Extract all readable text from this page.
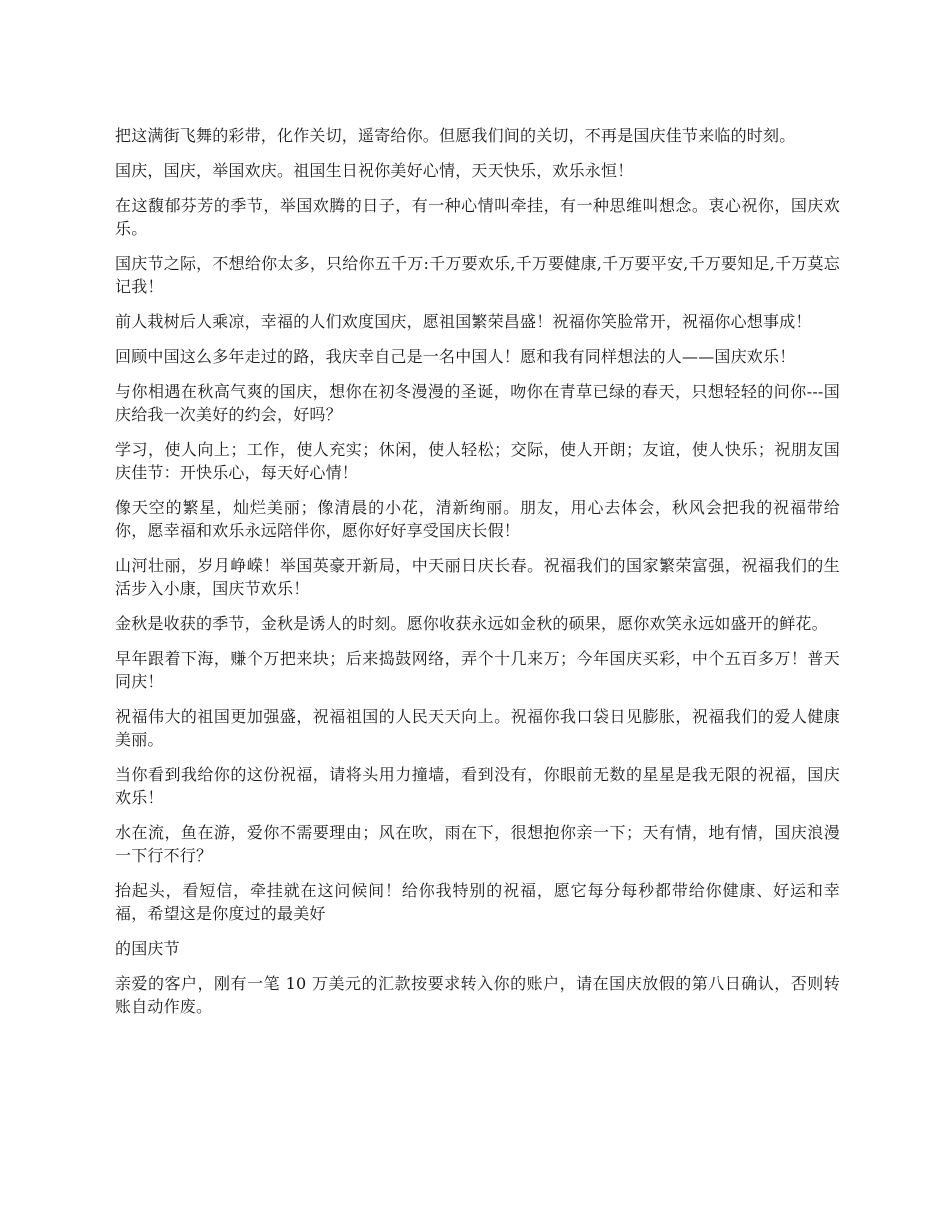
把这满街飞舞的彩带，化作关切，遥寄给你。但愿我们间的关切，不再是国庆佳节来临的时刻。

国庆，国庆，举国欢庆。祖国生日祝你美好心情，天天快乐，欢乐永恒！

在这馥郁芬芳的季节，举国欢腾的日子，有一种心情叫牵挂，有一种思维叫想念。衷心祝你，国庆欢乐。

国庆节之际，不想给你太多，只给你五千万:千万要欢乐,千万要健康,千万要平安,千万要知足,千万莫忘记我！

前人栽树后人乘凉，幸福的人们欢度国庆，愿祖国繁荣昌盛！祝福你笑脸常开，祝福你心想事成！

回顾中国这么多年走过的路，我庆幸自己是一名中国人！愿和我有同样想法的人——国庆欢乐！

与你相遇在秋高气爽的国庆，想你在初冬漫漫的圣诞，吻你在青草已绿的春天，只想轻轻的问你---国庆给我一次美好的约会，好吗？

学习，使人向上；工作，使人充实；休闲，使人轻松；交际，使人开朗；友谊，使人快乐；祝朋友国庆佳节：开快乐心，每天好心情！

像天空的繁星，灿烂美丽；像清晨的小花，清新绚丽。朋友，用心去体会，秋风会把我的祝福带给你，愿幸福和欢乐永远陪伴你，愿你好好享受国庆长假！

山河壮丽，岁月峥嵘！举国英豪开新局，中天丽日庆长春。祝福我们的国家繁荣富强，祝福我们的生活步入小康，国庆节欢乐！

金秋是收获的季节，金秋是诱人的时刻。愿你收获永远如金秋的硕果，愿你欢笑永远如盛开的鲜花。

早年跟着下海，赚个万把来块；后来捣鼓网络，弄个十几来万；今年国庆买彩，中个五百多万！普天同庆！

祝福伟大的祖国更加强盛，祝福祖国的人民天天向上。祝福你我口袋日见膨胀，祝福我们的爱人健康美丽。

当你看到我给你的这份祝福，请将头用力撞墙，看到没有，你眼前无数的星星是我无限的祝福，国庆欢乐！

水在流，鱼在游，爱你不需要理由；风在吹，雨在下，很想抱你亲一下；天有情，地有情，国庆浪漫一下行不行？

抬起头，看短信，牵挂就在这问候间！给你我特别的祝福，愿它每分每秒都带给你健康、好运和幸福，希望这是你度过的最美好

的国庆节

亲爱的客户，刚有一笔 10 万美元的汇款按要求转入你的账户，请在国庆放假的第八日确认，否则转账自动作废。
